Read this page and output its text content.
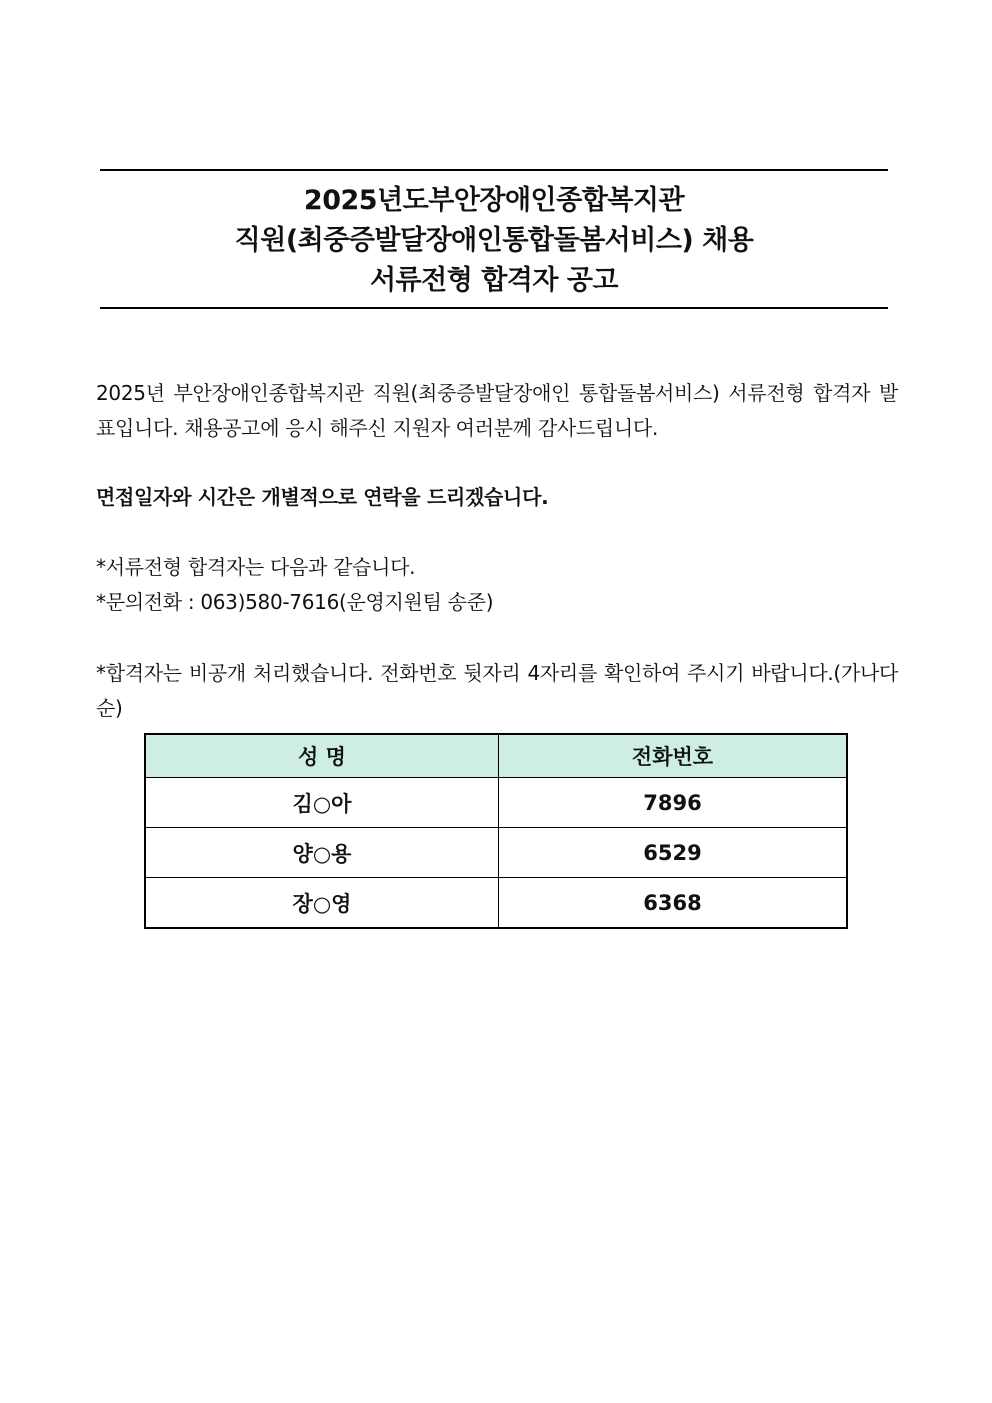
2025년도부안장애인종합복지관
직원(최중증발달장애인통합돌봄서비스) 채용
서류전형 합격자 공고
2025년 부안장애인종합복지관 직원(최중증발달장애인 통합돌봄서비스) 서류전형 합격자 발표입니다. 채용공고에 응시 해주신 지원자 여러분께 감사드립니다.
면접일자와 시간은 개별적으로 연락을 드리겠습니다.
*서류전형 합격자는 다음과 같습니다.
*문의전화 : 063)580-7616(운영지원팀 송준)
*합격자는 비공개 처리했습니다. 전화번호 뒷자리 4자리를 확인하여 주시기 바랍니다.(가나다순)
성 명	전화번호
김○아	7896
양○용	6529
장○영	6368
